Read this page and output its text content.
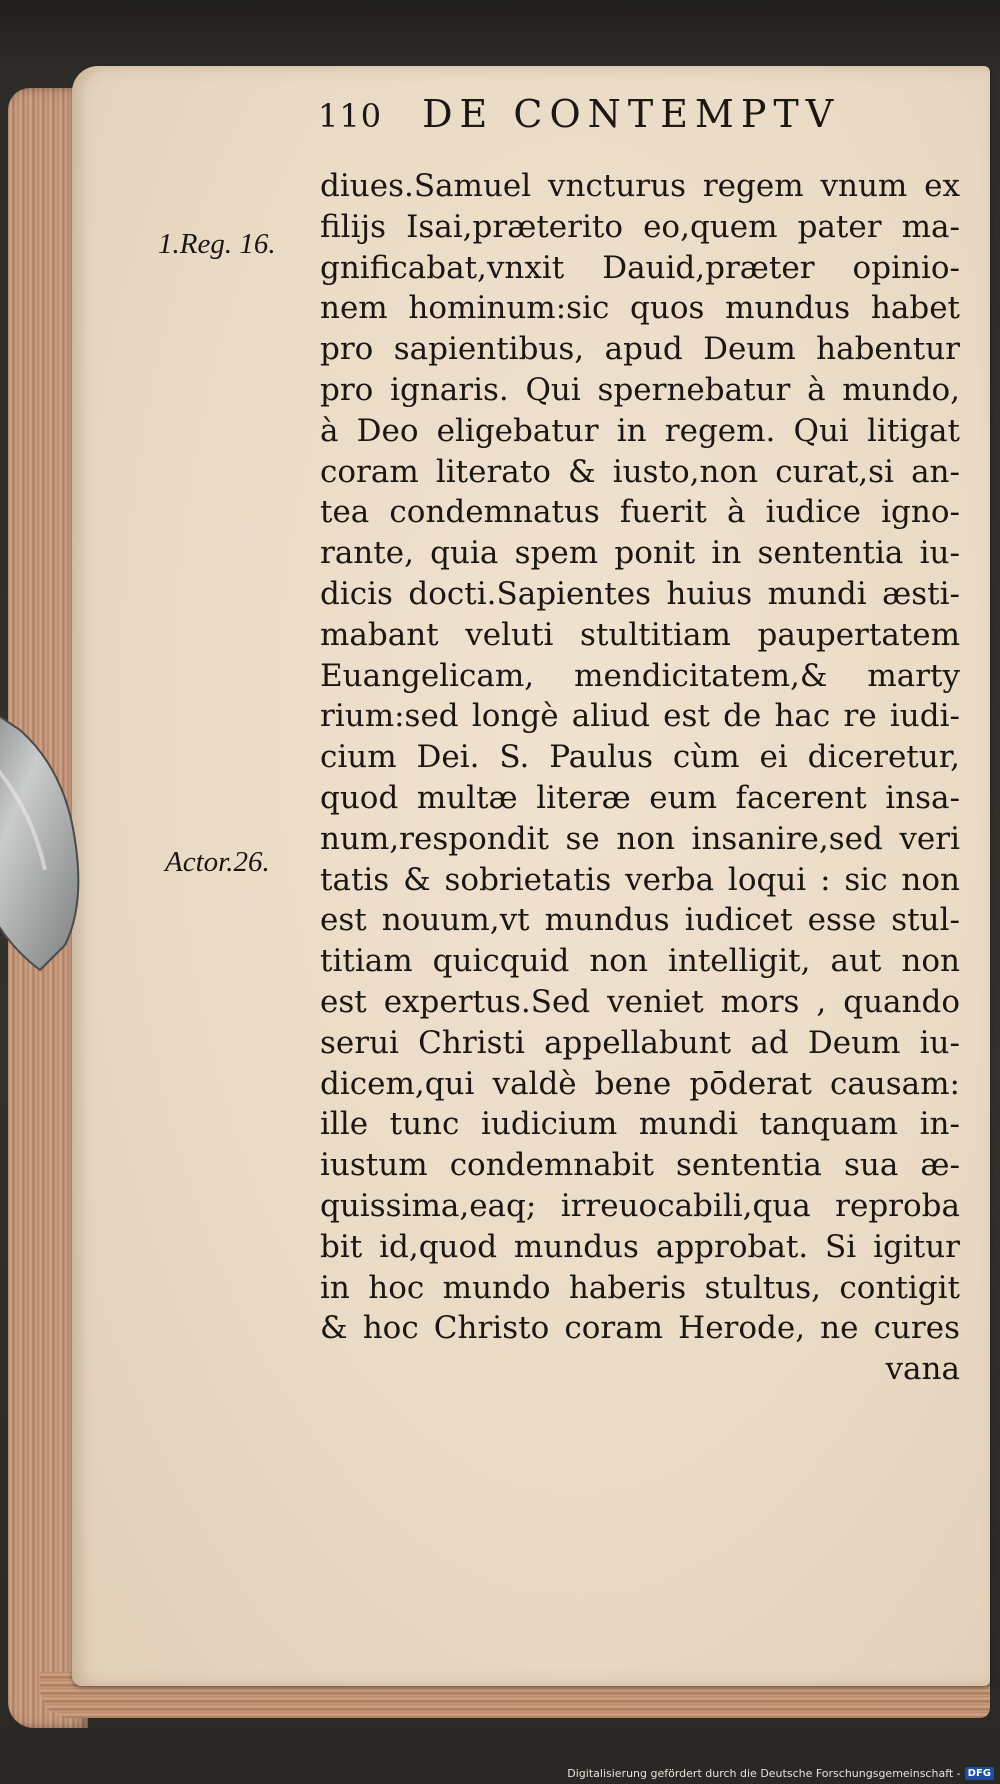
110 DE CONTEMPTV
1.Reg. 16.
Actor.26.
diues.Samuel vncturus regem vnum ex
filijs Isai,præterito eo,quem pater ma-
gnificabat,vnxit Dauid,præter opinio-
nem hominum:sic quos mundus habet
pro sapientibus, apud Deum habentur
pro ignaris. Qui spernebatur à mundo,
à Deo eligebatur in regem. Qui litigat
coram literato & iusto,non curat,si an-
tea condemnatus fuerit à iudice igno-
rante, quia spem ponit in sententia iu-
dicis docti.Sapientes huius mundi æsti-
mabant veluti stultitiam paupertatem
Euangelicam, mendicitatem,& marty
rium:sed longè aliud est de hac re iudi-
cium Dei. S. Paulus cùm ei diceretur,
quod multæ literæ eum facerent insa-
num,respondit se non insanire,sed veri
tatis & sobrietatis verba loqui : sic non
est nouum,vt mundus iudicet esse stul-
titiam quicquid non intelligit, aut non
est expertus.Sed veniet mors , quando
serui Christi appellabunt ad Deum iu-
dicem,qui valdè bene pōderat causam:
ille tunc iudicium mundi tanquam in-
iustum condemnabit sententia sua æ-
quissima,eaq; irreuocabili,qua reproba
bit id,quod mundus approbat. Si igitur
in hoc mundo haberis stultus, contigit
& hoc Christo coram Herode, ne cures
vana
Digitalisierung gefördert durch die Deutsche Forschungsgemeinschaft - DFG
